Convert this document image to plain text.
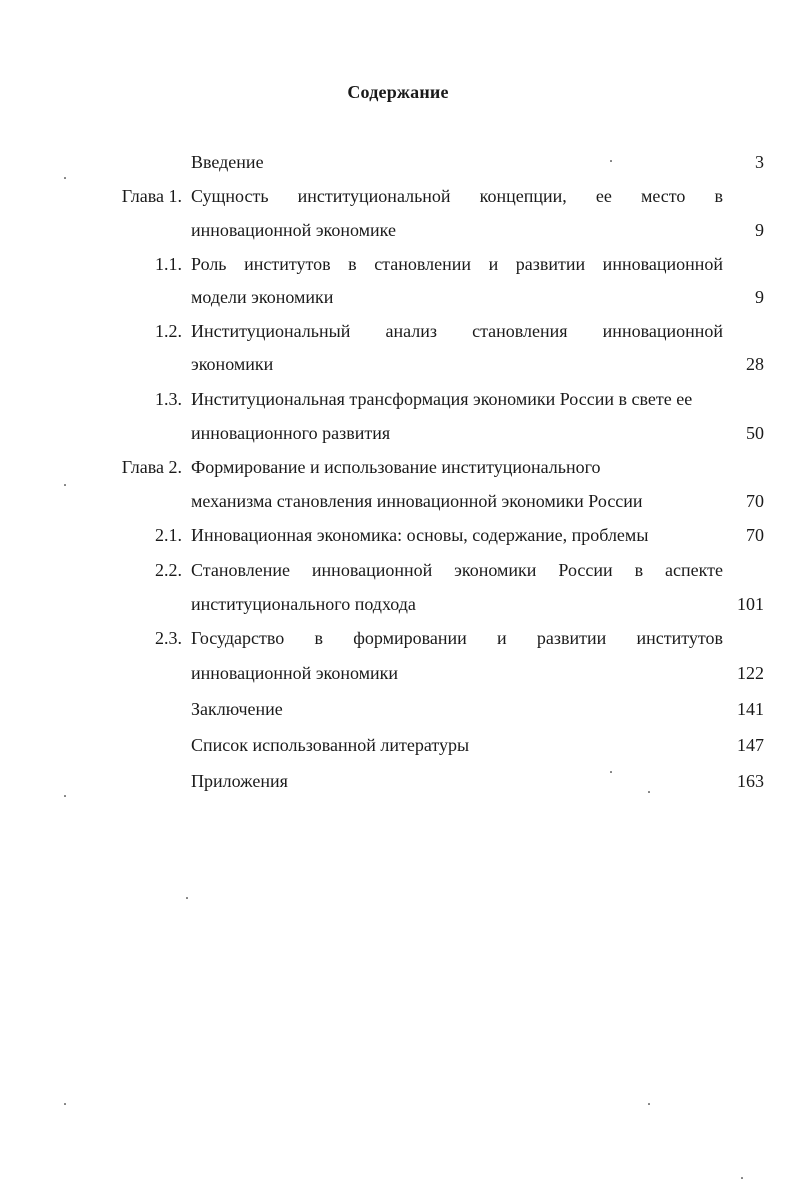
Содержание
Введение	3
Глава 1. Сущность институциональной концепции, ее место в
инновационной экономике	9
1.1. Роль институтов в становлении и развитии инновационной
модели экономики	9
1.2. Институциональный анализ становления инновационной
экономики	28
1.3. Институциональная трансформация экономики России в свете ее
инновационного развития	50
Глава 2. Формирование и использование институционального
механизма становления инновационной экономики России	70
2.1. Инновационная экономика: основы, содержание, проблемы	70
2.2. Становление инновационной экономики России в аспекте
институционального подхода	101
2.3. Государство в формировании и развитии институтов
инновационной экономики	122
Заключение	141
Список использованной литературы	147
Приложения	163
